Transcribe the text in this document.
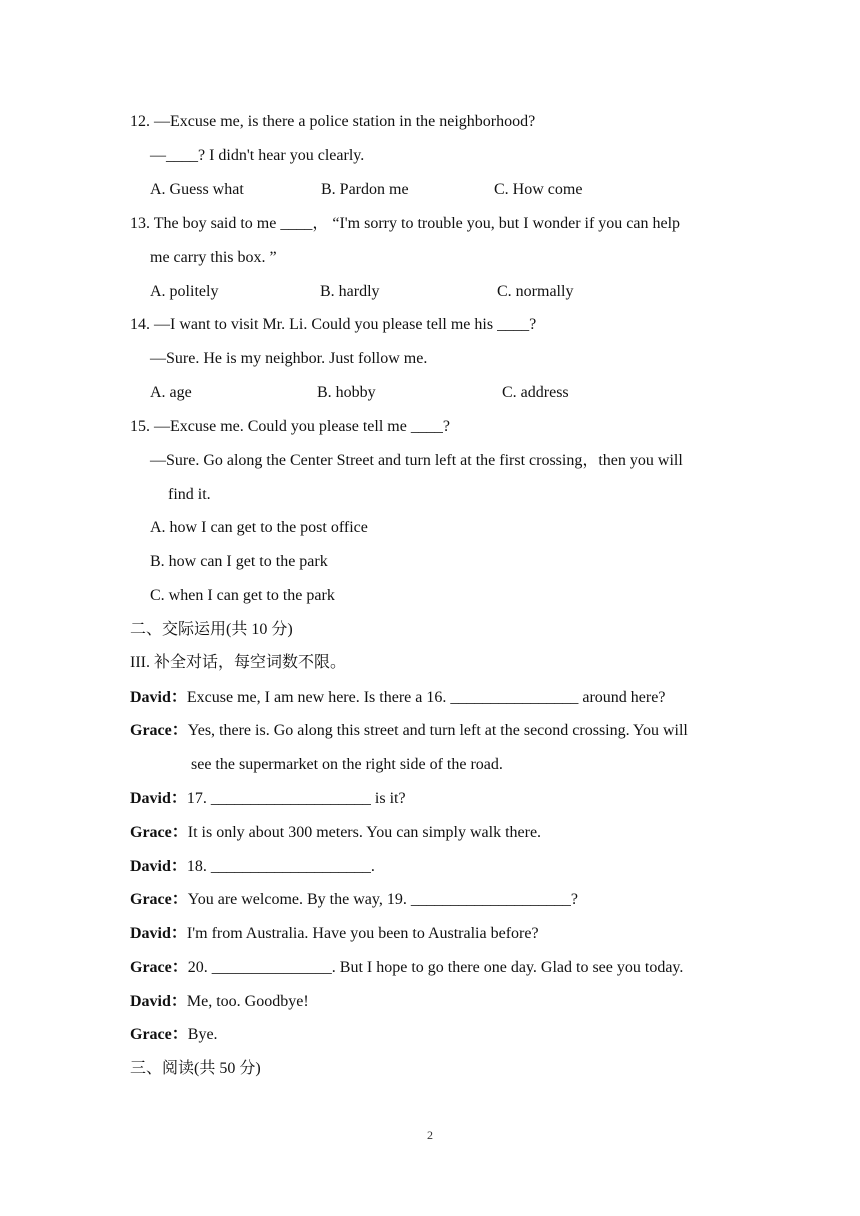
12. —Excuse me, is there a police station in the neighborhood?
—____? I didn't hear you clearly.
A. Guess what	B. Pardon me	C. How come
13. The boy said to me ____， “I'm sorry to trouble you, but I wonder if you can help
me carry this box. ”
A. politely	B. hardly	C. normally
14. —I want to visit Mr. Li. Could you please tell me his ____?
—Sure. He is my neighbor. Just follow me.
A. age	B. hobby	C. address
15. —Excuse me. Could you please tell me ____?
—Sure. Go along the Center Street and turn left at the first crossing，then you will
find it.
A. how I can get to the post office
B. how can I get to the park
C. when I can get to the park
二、交际运用(共 10 分)
III. 补全对话，每空词数不限。
David：Excuse me, I am new here. Is there a 16. ________________ around here?
Grace：Yes, there is. Go along this street and turn left at the second crossing. You will
see the supermarket on the right side of the road.
David：17. ____________________ is it?
Grace：It is only about 300 meters. You can simply walk there.
David：18. ____________________.
Grace：You are welcome. By the way, 19. ____________________?
David：I'm from Australia. Have you been to Australia before?
Grace：20. _______________. But I hope to go there one day. Glad to see you today.
David：Me, too. Goodbye!
Grace：Bye.
三、阅读(共 50 分)
2
